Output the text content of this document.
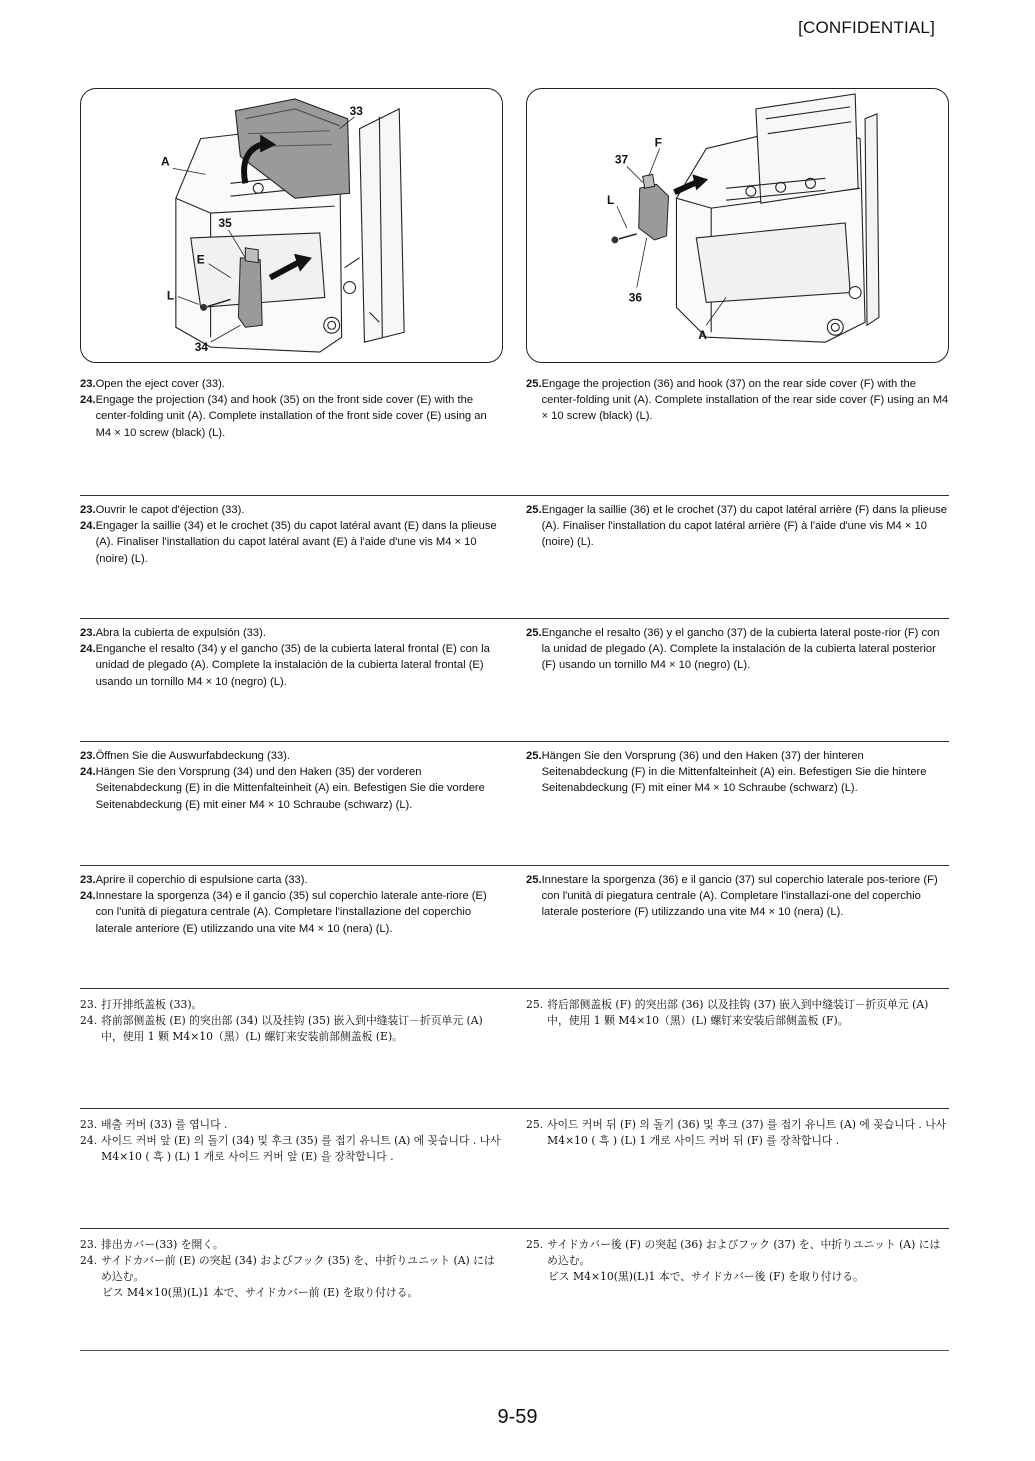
[CONFIDENTIAL]
33
A
35
E
L
34
F
37
L
36
A
23. Open the eject cover (33).
24. Engage the projection (34) and hook (35) on the front side cover (E) with the center-folding unit (A). Complete installation of the front side cover (E) using an M4 × 10 screw (black) (L).
25. Engage the projection (36) and hook (37) on the rear side cover (F) with the center-folding unit (A). Complete installation of the rear side cover (F) using an M4 × 10 screw (black) (L).
23. Ouvrir le capot d'éjection (33).
24. Engager la saillie (34) et le crochet (35) du capot latéral avant (E) dans la plieuse (A). Finaliser l'installation du capot latéral avant (E) à l'aide d'une vis M4 × 10 (noire) (L).
25. Engager la saillie (36) et le crochet (37) du capot latéral arrière (F) dans la plieuse (A). Finaliser l'installation du capot latéral arrière (F) à l'aide d'une vis M4 × 10 (noire) (L).
23. Abra la cubierta de expulsión (33).
24. Enganche el resalto (34) y el gancho (35) de la cubierta lateral frontal (E) con la unidad de plegado (A). Complete la instalación de la cubierta lateral frontal (E) usando un tornillo M4 × 10 (negro) (L).
25. Enganche el resalto (36) y el gancho (37) de la cubierta lateral poste-rior (F) con la unidad de plegado (A). Complete la instalación de la cubierta lateral posterior (F) usando un tornillo M4 × 10 (negro) (L).
23. Öffnen Sie die Auswurfabdeckung (33).
24. Hängen Sie den Vorsprung (34) und den Haken (35) der vorderen Seitenabdeckung (E) in die Mittenfalteinheit (A) ein. Befestigen Sie die vordere Seitenabdeckung (E) mit einer M4 × 10 Schraube (schwarz) (L).
25. Hängen Sie den Vorsprung (36) und den Haken (37) der hinteren Seitenabdeckung (F) in die Mittenfalteinheit (A) ein. Befestigen Sie die hintere Seitenabdeckung (F) mit einer M4 × 10 Schraube (schwarz) (L).
23. Aprire il coperchio di espulsione carta (33).
24. Innestare la sporgenza (34) e il gancio (35) sul coperchio laterale ante-riore (E) con l'unità di piegatura centrale (A). Completare l'installazione del coperchio laterale anteriore (E) utilizzando una vite M4 × 10 (nera) (L).
25. Innestare la sporgenza (36) e il gancio (37) sul coperchio laterale pos-teriore (F) con l'unità di piegatura centrale (A). Completare l'installazi-one del coperchio laterale posteriore (F) utilizzando una vite M4 × 10 (nera) (L).
23. 打开排纸盖板 (33)。
24. 将前部侧盖板 (E) 的突出部 (34) 以及挂钩 (35) 嵌入到中缝装订－折页单元 (A) 中，使用 1 颗 M4×10（黑）(L) 螺钉来安装前部侧盖板 (E)。
25. 将后部侧盖板 (F) 的突出部 (36) 以及挂钩 (37) 嵌入到中缝装订－折页单元 (A) 中，使用 1 颗 M4×10（黑）(L) 螺钉来安装后部侧盖板 (F)。
23. 배출 커버 (33) 를 엽니다 .
24. 사이드 커버 앞 (E) 의 돌기 (34) 및 후크 (35) 를 접기 유니트 (A) 에 꽂습니다 . 나사 M4×10 ( 흑 ) (L) 1 개로 사이드 커버 앞 (E) 을 장착합니다 .
25. 사이드 커버 뒤 (F) 의 돌기 (36) 및 후크 (37) 를 접기 유니트 (A) 에 꽂습니다 . 나사 M4×10 ( 흑 ) (L) 1 개로 사이드 커버 뒤 (F) 를 장착합니다 .
23. 排出カバー(33) を開く。
24. サイドカバー前 (E) の突起 (34) およびフック (35) を、中折りユニット (A) にはめ込む。
ビス M4×10(黒)(L)1 本で、サイドカバー前 (E) を取り付ける。
25. サイドカバー後 (F) の突起 (36) およびフック (37) を、中折りユニット (A) にはめ込む。
ビス M4×10(黒)(L)1 本で、サイドカバー後 (F) を取り付ける。
9-59
